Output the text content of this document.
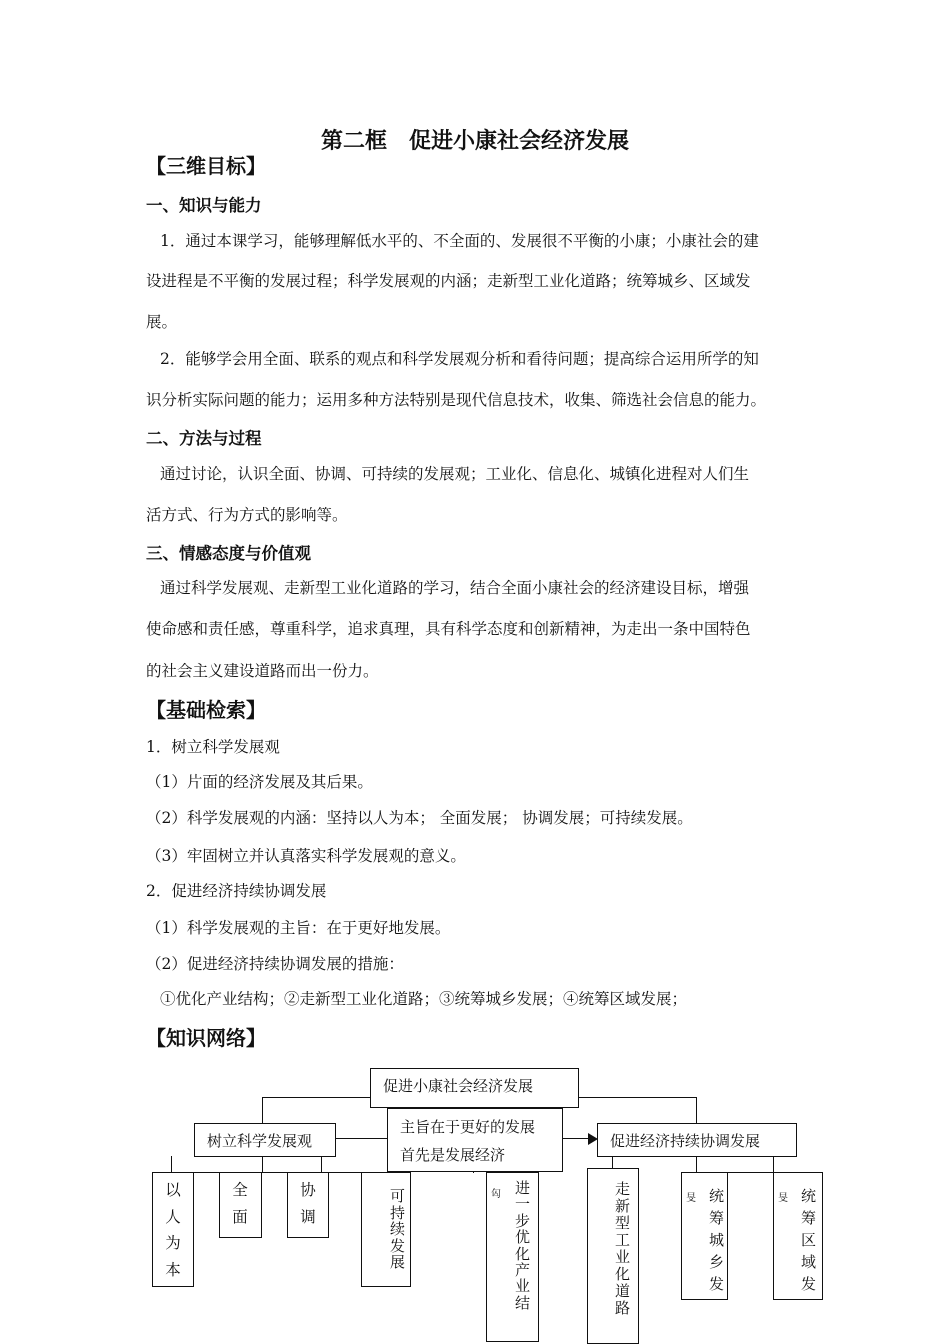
第二框　促进小康社会经济发展
【三维目标】
一、知识与能力
1．通过本课学习，能够理解低水平的、不全面的、发展很不平衡的小康；小康社会的建
设进程是不平衡的发展过程；科学发展观的内涵；走新型工业化道路；统筹城乡、区域发
展。
2．能够学会用全面、联系的观点和科学发展观分析和看待问题；提高综合运用所学的知
识分析实际问题的能力；运用多种方法特别是现代信息技术，收集、筛选社会信息的能力。
二、方法与过程
通过讨论，认识全面、协调、可持续的发展观；工业化、信息化、城镇化进程对人们生
活方式、行为方式的影响等。
三、情感态度与价值观
通过科学发展观、走新型工业化道路的学习，结合全面小康社会的经济建设目标，增强
使命感和责任感，尊重科学，追求真理，具有科学态度和创新精神，为走出一条中国特色
的社会主义建设道路而出一份力。
【基础检索】
1．树立科学发展观
（1）片面的经济发展及其后果。
（2）科学发展观的内涵：坚持以人为本； 全面发展； 协调发展；可持续发展。
（3）牢固树立并认真落实科学发展观的意义。
2．促进经济持续协调发展
（1）科学发展观的主旨：在于更好地发展。
（2）促进经济持续协调发展的措施：
①优化产业结构；②走新型工业化道路；③统筹城乡发展；④统筹区域发展；
【知识网络】
促进小康社会经济发展
树立科学发展观
主旨在于更好的发展
首先是发展经济
促进经济持续协调发展
以人为本
全面
协调
可持续发展
匃 进一步优化产业结
走新型工业化道路
旻 统筹城乡发
旻 统筹区域发
